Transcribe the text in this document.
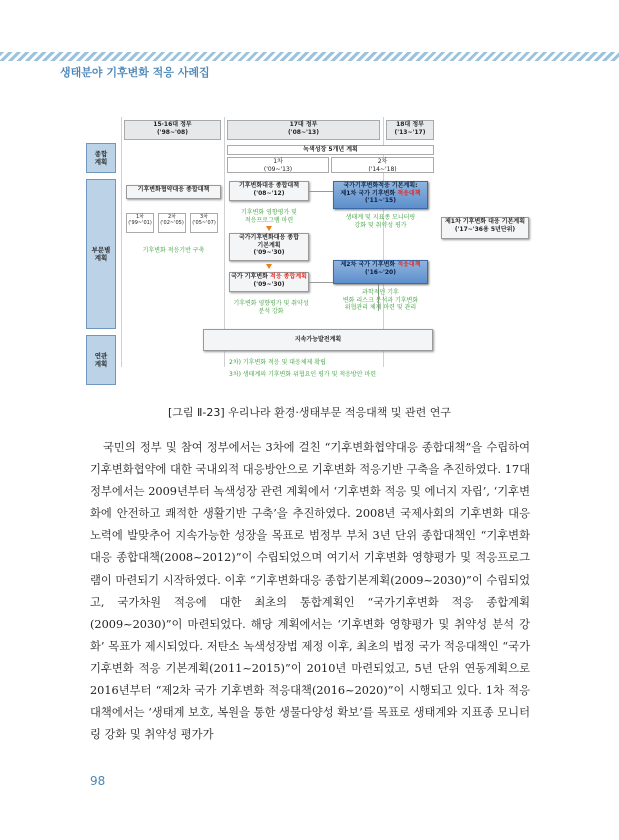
생태분야 기후변화 적응 사례집
15·16대 정부
('98~'08)
17대 정부
('08~'13)
18대 정부
('13~'17)
녹색성장 5개년 계획
1차
('09~'13)
2차
('14~'18)
종합
계획
부문별
계획
연관
계획
기후변화협약대응 종합대책
1차
('99~'01)
2차
('02~'05)
3차
('05~'07)
기후변화 적응기반 구축
기후변화대응 종합대책
('08~'12)
기후변화 영향평가 및
적응프로그램 마련
국가기후변화대응 종합
기본계획
('09~'30)
국가 기후변화 적응 종합계획
('09~'30)
기후변화 영향평가 및 취약성
분석 강화
국가기후변화적응 기본계획:
제1차 국가 기후변화 적응대책
('11~'15)
생태계 및 지표종 모니터링
강화 및 취약성 평가
제2차 국가 기후변화 적응대책
('16~'20)
과학적인 기후
변화 리스크 분석과 기후변화
위협관리 체제 마련 및 관리
제1차 기후변화 대응 기본계획
('17~'36용 5년단위)
지속가능발전계획
2차) 기후변화 적응 및 대응체제 확립
3차) 생태계의 기후변화 위협요인 평가 및 적응방안 마련
[그림 Ⅱ-23] 우리나라 환경·생태부문 적응대책 및 관련 연구
국민의 정부 및 참여 정부에서는 3차에 걸친 “기후변화협약대응 종합대책”을 수립하여 기후변화협약에 대한 국내외적 대응방안으로 기후변화 적응기반 구축을 추진하였다. 17대 정부에서는 2009년부터 녹색성장 관련 계획에서 ‘기후변화 적응 및 에너지 자립’, ‘기후변화에 안전하고 쾌적한 생활기반 구축’을 추진하였다. 2008년 국제사회의 기후변화 대응 노력에 발맞추어 지속가능한 성장을 목표로 범정부 부처 3년 단위 종합대책인 “기후변화대응 종합대책(2008~2012)”이 수립되었으며 여기서 기후변화 영향평가 및 적응프로그램이 마련되기 시작하였다. 이후 “기후변화대응 종합기본계획(2009~2030)”이 수립되었고, 국가차원 적응에 대한 최초의 통합계획인 “국가기후변화 적응 종합계획(2009~2030)”이 마련되었다. 해당 계획에서는 ‘기후변화 영향평가 및 취약성 분석 강화’ 목표가 제시되었다. 저탄소 녹색성장법 제정 이후, 최초의 법정 국가 적응대책인 “국가 기후변화 적응 기본계획(2011~2015)”이 2010년 마련되었고, 5년 단위 연동계획으로 2016년부터 “제2차 국가 기후변화 적응대책(2016~2020)”이 시행되고 있다. 1차 적응대책에서는 ‘생태계 보호, 복원을 통한 생물다양성 확보’를 목표로 생태계와 지표종 모니터링 강화 및 취약성 평가가
98
